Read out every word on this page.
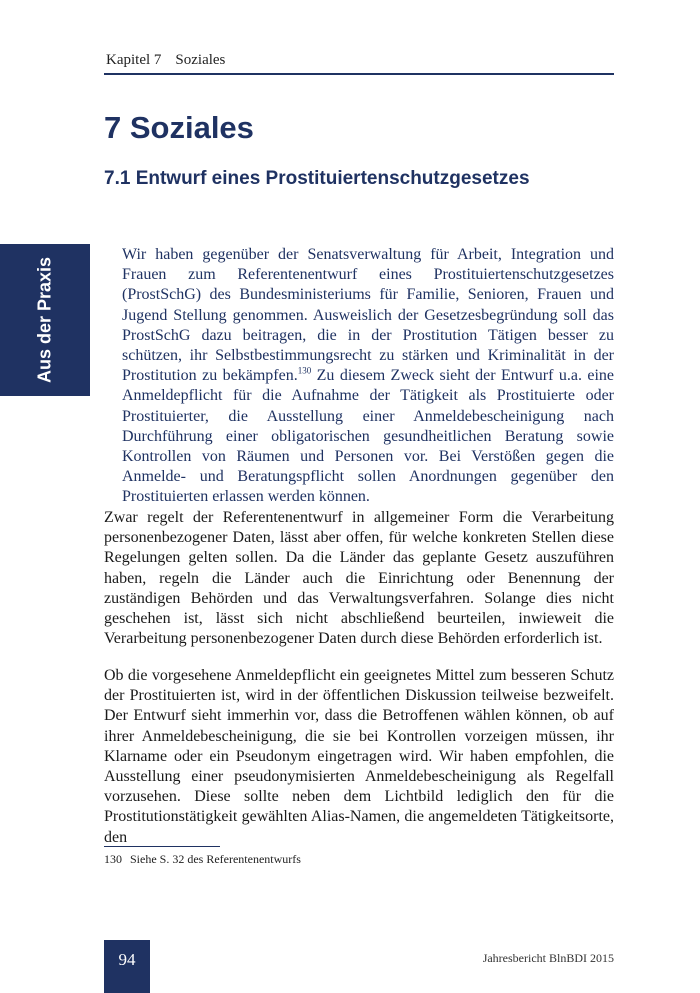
Kapitel 7 Soziales
7 Soziales
7.1 Entwurf eines Prostituiertenschutzgesetzes
Aus der Praxis

Wir haben gegenüber der Senatsverwaltung für Arbeit, Integration und Frauen zum Referentenentwurf eines Prostituiertenschutzgesetzes (ProstSchG) des Bundesministeriums für Familie, Senioren, Frauen und Jugend Stellung genommen. Ausweislich der Gesetzesbegründung soll das ProstSchG dazu beitragen, die in der Prostitution Tätigen besser zu schützen, ihr Selbstbestimmungsrecht zu stärken und Kriminalität in der Prostitution zu bekämpfen.$^{130}$ Zu diesem Zweck sieht der Entwurf u.a. eine Anmeldepflicht für die Aufnahme der Tätigkeit als Prostituierte oder Prostituierter, die Ausstellung einer Anmeldebescheinigung nach Durchführung einer obligatorischen gesundheitlichen Beratung sowie Kontrollen von Räumen und Personen vor. Bei Verstößen gegen die Anmelde- und Beratungspflicht sollen Anordnungen gegenüber den Prostituierten erlassen werden können.

Zwar regelt der Referentenentwurf in allgemeiner Form die Verarbeitung personenbezogener Daten, lässt aber offen, für welche konkreten Stellen diese Regelungen gelten sollen. Da die Länder das geplante Gesetz auszuführen haben, regeln die Länder auch die Einrichtung oder Benennung der zuständigen Behörden und das Verwaltungsverfahren. Solange dies nicht geschehen ist, lässt sich nicht abschließend beurteilen, inwieweit die Verarbeitung personenbezogener Daten durch diese Behörden erforderlich ist.

Ob die vorgesehene Anmeldepflicht ein geeignetes Mittel zum besseren Schutz der Prostituierten ist, wird in der öffentlichen Diskussion teilweise bezweifelt. Der Entwurf sieht immerhin vor, dass die Betroffenen wählen können, ob auf ihrer Anmeldebescheinigung, die sie bei Kontrollen vorzeigen müssen, ihr Klarname oder ein Pseudonym eingetragen wird. Wir haben empfohlen, die Ausstellung einer pseudonymisierten Anmeldebescheinigung als Regelfall vorzusehen. Diese sollte neben dem Lichtbild lediglich den für die Prostitutionstätigkeit gewählten Alias-Namen, die angemeldeten Tätigkeitsorte, den

130 Siehe S. 32 des Referentenentwurfs
94	Jahresbericht BlnBDI 2015
